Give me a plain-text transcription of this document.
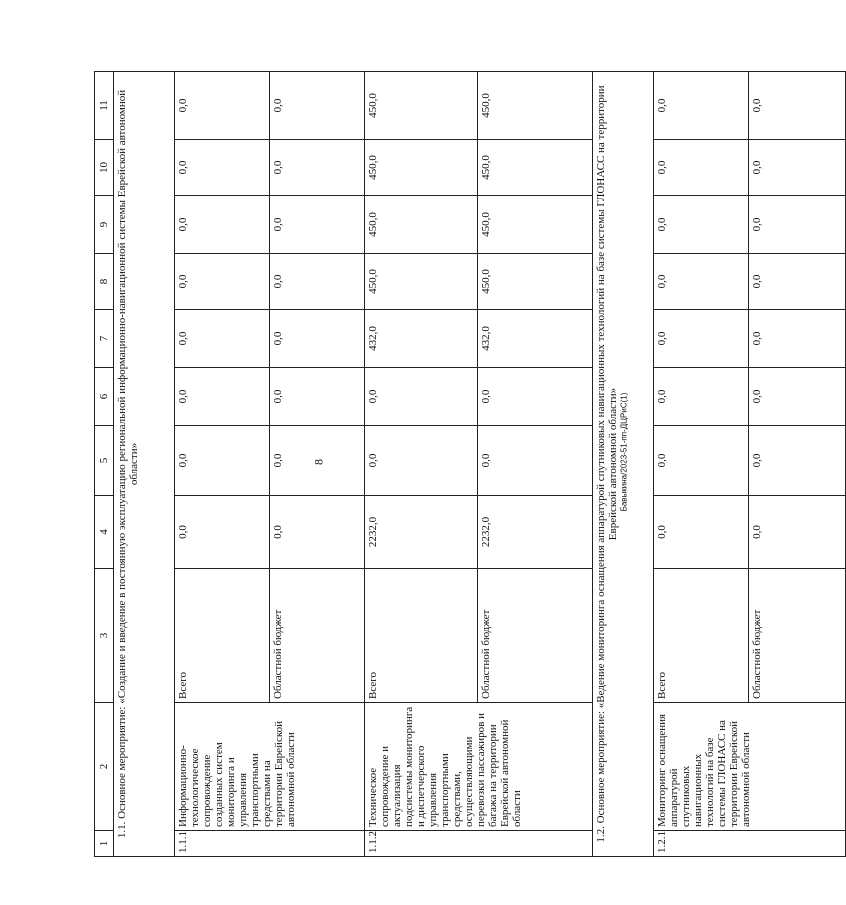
8	Бавыкина/2023-51-пп-ДЦРиС(1)
1	2	3	4	5	6	7	8	9	10	11
1.1. Основное мероприятие: «Создание и введение в постоянную эксплуатацию региональной информационно-навигационной системы Еврейской автономной области»										
1.1.1	Информационно-технологическое сопровождение созданных систем мониторинга и управления транспортными средствами на территории Еврейской автономной области	Всего	0,0	0,0	0,0	0,0	0,0	0,0	0,0	0,0
		Областной бюджет	0,0	0,0	0,0	0,0	0,0	0,0	0,0	0,0
1.1.2	Техническое сопровождение и актуализация подсистемы мониторинга и диспетчерского управления транспортными средствами, осуществляющими перевозки пассажиров и багажа на территории Еврейской автономной области	Всего	2232,0	0,0	0,0	432,0	450,0	450,0	450,0	450,0
		Областной бюджет	2232,0	0,0	0,0	432,0	450,0	450,0	450,0	450,0
1.2. Основное мероприятие: «Ведение мониторинга оснащения аппаратурой спутниковых навигационных технологий на базе системы ГЛОНАСС на территории Еврейской автономной области»										
1.2.1	Мониторинг оснащения аппаратурой спутниковых навигационных технологий на базе системы ГЛОНАСС на территории Еврейской автономной области	Всего	0,0	0,0	0,0	0,0	0,0	0,0	0,0	0,0
		Областной бюджет	0,0	0,0	0,0	0,0	0,0	0,0	0,0	0,0
